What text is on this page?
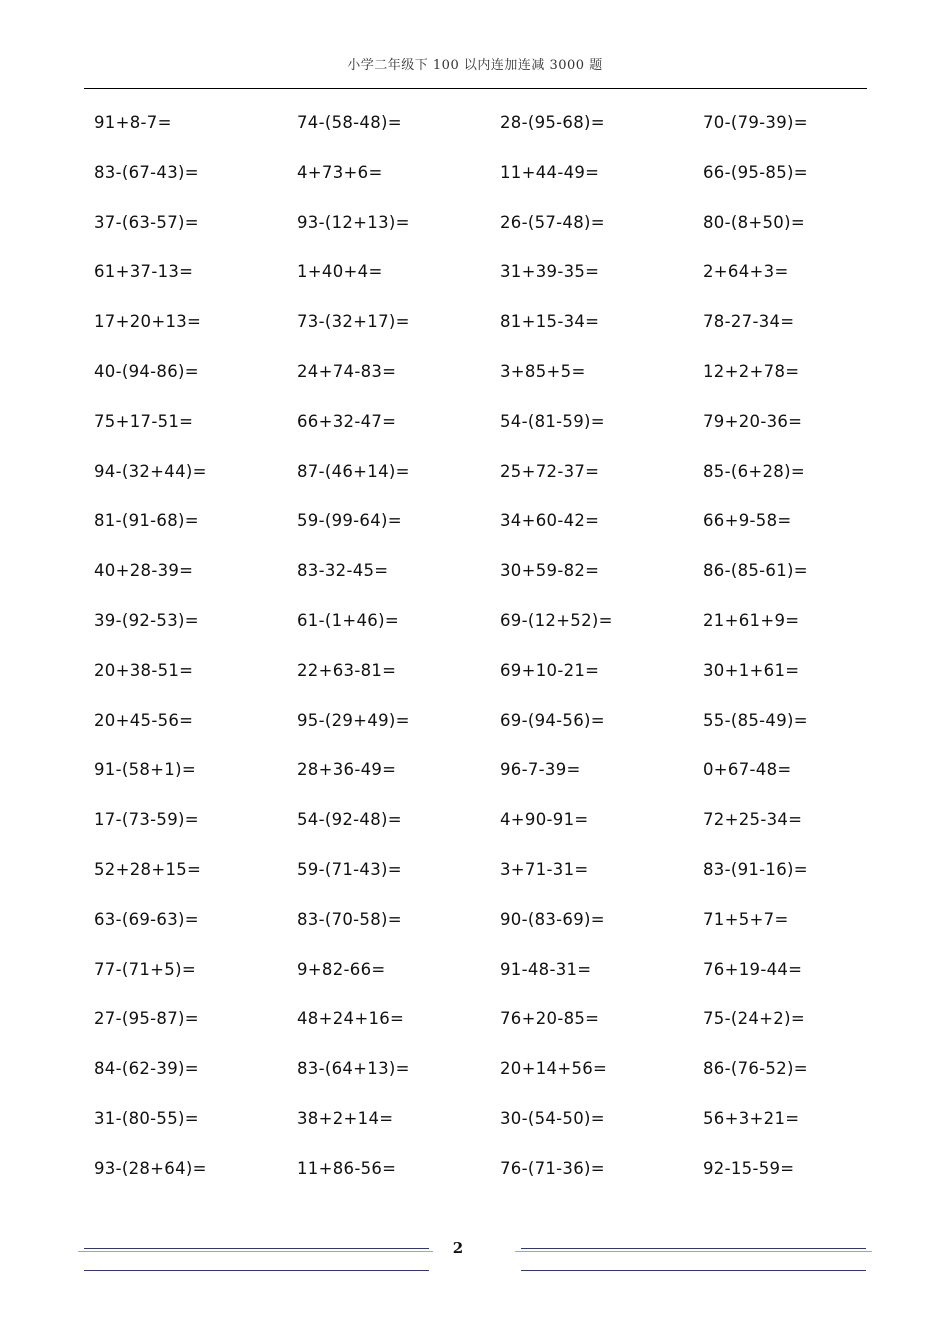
小学二年级下 100 以内连加连减 3000 题
91+8-7=	74-(58-48)=	28-(95-68)=	70-(79-39)=
83-(67-43)=	4+73+6=	11+44-49=	66-(95-85)=
37-(63-57)=	93-(12+13)=	26-(57-48)=	80-(8+50)=
61+37-13=	1+40+4=	31+39-35=	2+64+3=
17+20+13=	73-(32+17)=	81+15-34=	78-27-34=
40-(94-86)=	24+74-83=	3+85+5=	12+2+78=
75+17-51=	66+32-47=	54-(81-59)=	79+20-36=
94-(32+44)=	87-(46+14)=	25+72-37=	85-(6+28)=
81-(91-68)=	59-(99-64)=	34+60-42=	66+9-58=
40+28-39=	83-32-45=	30+59-82=	86-(85-61)=
39-(92-53)=	61-(1+46)=	69-(12+52)=	21+61+9=
20+38-51=	22+63-81=	69+10-21=	30+1+61=
20+45-56=	95-(29+49)=	69-(94-56)=	55-(85-49)=
91-(58+1)=	28+36-49=	96-7-39=	0+67-48=
17-(73-59)=	54-(92-48)=	4+90-91=	72+25-34=
52+28+15=	59-(71-43)=	3+71-31=	83-(91-16)=
63-(69-63)=	83-(70-58)=	90-(83-69)=	71+5+7=
77-(71+5)=	9+82-66=	91-48-31=	76+19-44=
27-(95-87)=	48+24+16=	76+20-85=	75-(24+2)=
84-(62-39)=	83-(64+13)=	20+14+56=	86-(76-52)=
31-(80-55)=	38+2+14=	30-(54-50)=	56+3+21=
93-(28+64)=	11+86-56=	76-(71-36)=	92-15-59=
2
